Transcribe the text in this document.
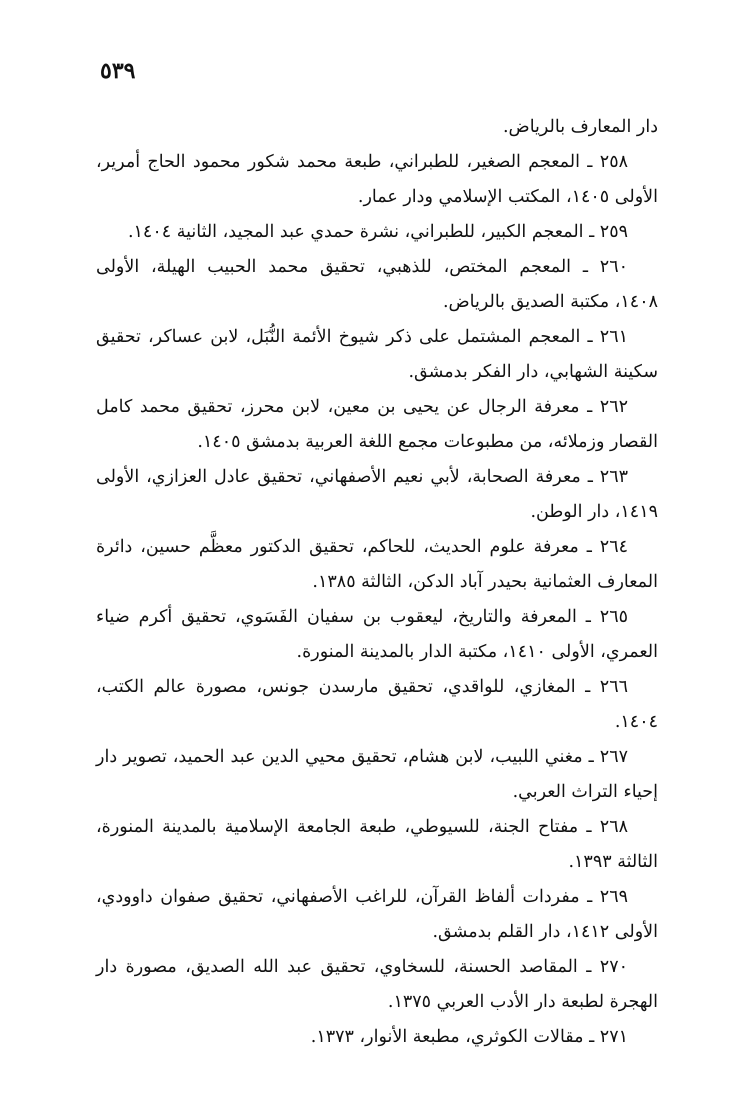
٥٣٩

دار المعارف بالرياض.

٢٥٨ ـ المعجم الصغير، للطبراني، طبعة محمد شكور محمود الحاج أمرير،
الأولى ١٤٠٥، المكتب الإسلامي ودار عمار.

٢٥٩ ـ المعجم الكبير، للطبراني، نشرة حمدي عبد المجيد، الثانية ١٤٠٤.

٢٦٠ ـ المعجم المختص، للذهبي، تحقيق محمد الحبيب الهيلة، الأولى
١٤٠٨، مكتبة الصديق بالرياض.

٢٦١ ـ المعجم المشتمل على ذكر شيوخ الأئمة النُّبَل، لابن عساكر، تحقيق
سكينة الشهابي، دار الفكر بدمشق.

٢٦٢ ـ معرفة الرجال عن يحيى بن معين، لابن محرز، تحقيق محمد كامل
القصار وزملائه، من مطبوعات مجمع اللغة العربية بدمشق ١٤٠٥.

٢٦٣ ـ معرفة الصحابة، لأبي نعيم الأصفهاني، تحقيق عادل العزازي، الأولى
١٤١٩، دار الوطن.

٢٦٤ ـ معرفة علوم الحديث، للحاكم، تحقيق الدكتور معظَّم حسين، دائرة
المعارف العثمانية بحيدر آباد الدكن، الثالثة ١٣٨٥.

٢٦٥ ـ المعرفة والتاريخ، ليعقوب بن سفيان الفَسَوي، تحقيق أكرم ضياء
العمري، الأولى ١٤١٠، مكتبة الدار بالمدينة المنورة.

٢٦٦ ـ المغازي، للواقدي، تحقيق مارسدن جونس، مصورة عالم الكتب،
١٤٠٤.

٢٦٧ ـ مغني اللبيب، لابن هشام، تحقيق محيي الدين عبد الحميد، تصوير دار
إحياء التراث العربي.

٢٦٨ ـ مفتاح الجنة، للسيوطي، طبعة الجامعة الإسلامية بالمدينة المنورة،
الثالثة ١٣٩٣.

٢٦٩ ـ مفردات ألفاظ القرآن، للراغب الأصفهاني، تحقيق صفوان داوودي،
الأولى ١٤١٢، دار القلم بدمشق.

٢٧٠ ـ المقاصد الحسنة، للسخاوي، تحقيق عبد الله الصديق، مصورة دار
الهجرة لطبعة دار الأدب العربي ١٣٧٥.

٢٧١ ـ مقالات الكوثري، مطبعة الأنوار، ١٣٧٣.
